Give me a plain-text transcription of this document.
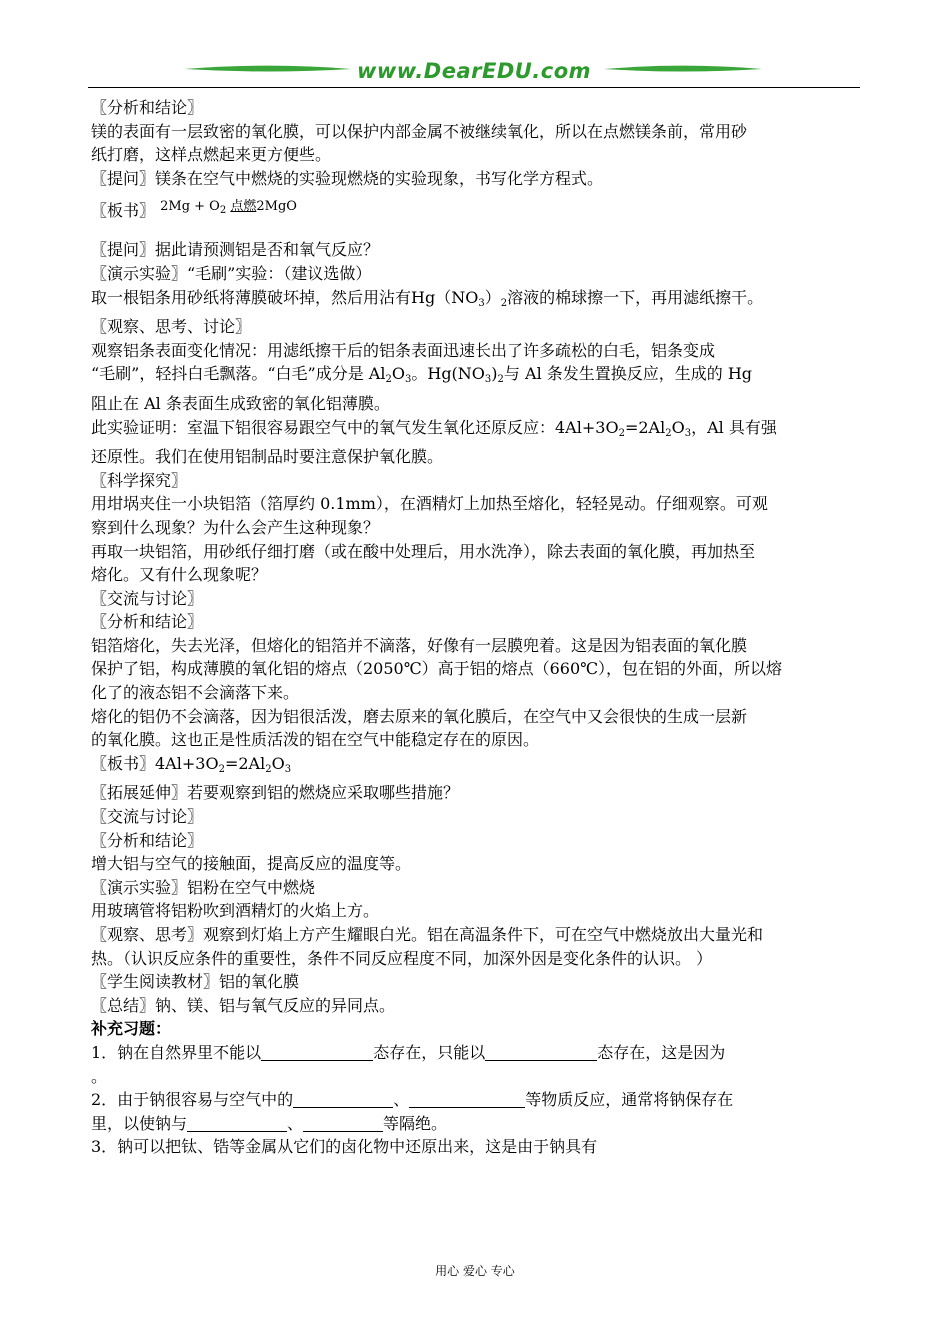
www.DearEDU.com
〖分析和结论〗
镁的表面有一层致密的氧化膜，可以保护内部金属不被继续氧化，所以在点燃镁条前，常用砂
纸打磨，这样点燃起来更方便些。
〖提问〗镁条在空气中燃烧的实验现燃烧的实验现象，书写化学方程式。
〖板书〗 $^{2Mg + O_2 点燃2MgO}$
〖提问〗据此请预测铝是否和氧气反应？
〖演示实验〗“毛刷”实验：（建议选做）
取一根铝条用砂纸将薄膜破坏掉，然后用沾有$Hg(NO_3)_2$溶液的棉球擦一下，再用滤纸擦干。
〖观察、思考、讨论〗
观察铝条表面变化情况：用滤纸擦干后的铝条表面迅速长出了许多疏松的白毛，铝条变成
“毛刷”，轻抖白毛飘落。“白毛”成分是 $Al_2O_3$。$Hg(NO_3)_2$与 Al 条发生置换反应，生成的 Hg
阻止在 Al 条表面生成致密的氧化铝薄膜。
此实验证明：室温下铝很容易跟空气中的氧气发生氧化还原反应：$4Al+3O_2=2Al_2O_3$，Al 具有强
还原性。我们在使用铝制品时要注意保护氧化膜。
〖科学探究〗
用坩埚夹住一小块铝箔（箔厚约 0.1mm），在酒精灯上加热至熔化，轻轻晃动。仔细观察。可观
察到什么现象？为什么会产生这种现象？
再取一块铝箔，用砂纸仔细打磨（或在酸中处理后，用水洗净），除去表面的氧化膜，再加热至
熔化。又有什么现象呢？
〖交流与讨论〗
〖分析和结论〗
铝箔熔化，失去光泽，但熔化的铝箔并不滴落，好像有一层膜兜着。这是因为铝表面的氧化膜
保护了铝，构成薄膜的氧化铝的熔点（2050℃）高于铝的熔点（660℃），包在铝的外面，所以熔
化了的液态铝不会滴落下来。
熔化的铝仍不会滴落，因为铝很活泼，磨去原来的氧化膜后，在空气中又会很快的生成一层新
的氧化膜。这也正是性质活泼的铝在空气中能稳定存在的原因。
〖板书〗$4Al+3O_2=2Al_2O_3$
〖拓展延伸〗若要观察到铝的燃烧应采取哪些措施？
〖交流与讨论〗
〖分析和结论〗
增大铝与空气的接触面，提高反应的温度等。
〖演示实验〗铝粉在空气中燃烧
用玻璃管将铝粉吹到酒精灯的火焰上方。
〖观察、思考〗观察到灯焰上方产生耀眼白光。铝在高温条件下，可在空气中燃烧放出大量光和
热。（认识反应条件的重要性，条件不同反应程度不同，加深外因是变化条件的认识。 ）
〖学生阅读教材〗铝的氧化膜
〖总结〗钠、镁、铝与氧气反应的异同点。
补充习题：
1．钠在自然界里不能以	态存在，只能以	态存在，这是因为
。
2．由于钠很容易与空气中的	、	等物质反应，通常将钠保存在
里，以使钠与	、	等隔绝。
3．钠可以把钛、锆等金属从它们的卤化物中还原出来，这是由于钠具有
用心 爱心 专心
